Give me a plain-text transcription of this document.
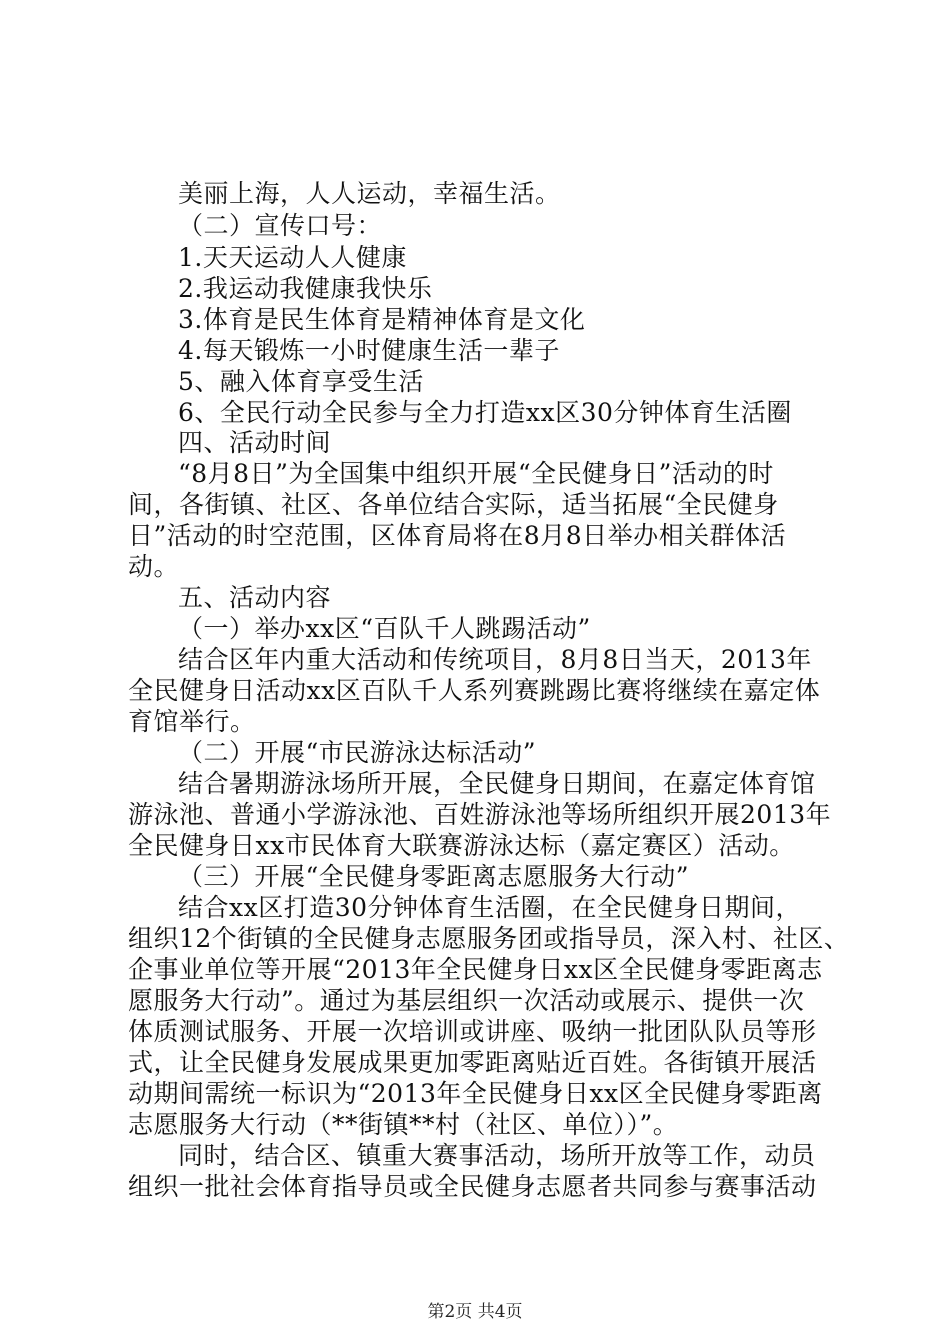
美丽上海，人人运动，幸福生活。
（二）宣传口号：
1.天天运动人人健康
2.我运动我健康我快乐
3.体育是民生体育是精神体育是文化
4.每天锻炼一小时健康生活一辈子
5、融入体育享受生活
6、全民行动全民参与全力打造xx区30分钟体育生活圈
四、活动时间
“8月8日”为全国集中组织开展“全民健身日”活动的时
间，各街镇、社区、各单位结合实际，适当拓展“全民健身
日”活动的时空范围，区体育局将在8月8日举办相关群体活
动。
五、活动内容
（一）举办xx区“百队千人跳踢活动”
结合区年内重大活动和传统项目，8月8日当天，2013年
全民健身日活动xx区百队千人系列赛跳踢比赛将继续在嘉定体
育馆举行。
（二）开展“市民游泳达标活动”
结合暑期游泳场所开展，全民健身日期间，在嘉定体育馆
游泳池、普通小学游泳池、百姓游泳池等场所组织开展2013年
全民健身日xx市民体育大联赛游泳达标（嘉定赛区）活动。
（三）开展“全民健身零距离志愿服务大行动”
结合xx区打造30分钟体育生活圈，在全民健身日期间，
组织12个街镇的全民健身志愿服务团或指导员，深入村、社区、
企事业单位等开展“2013年全民健身日xx区全民健身零距离志
愿服务大行动”。通过为基层组织一次活动或展示、提供一次
体质测试服务、开展一次培训或讲座、吸纳一批团队队员等形
式，让全民健身发展成果更加零距离贴近百姓。各街镇开展活
动期间需统一标识为“2013年全民健身日xx区全民健身零距离
志愿服务大行动（**街镇**村（社区、单位））”。
同时，结合区、镇重大赛事活动，场所开放等工作，动员
组织一批社会体育指导员或全民健身志愿者共同参与赛事活动
第2页 共4页
